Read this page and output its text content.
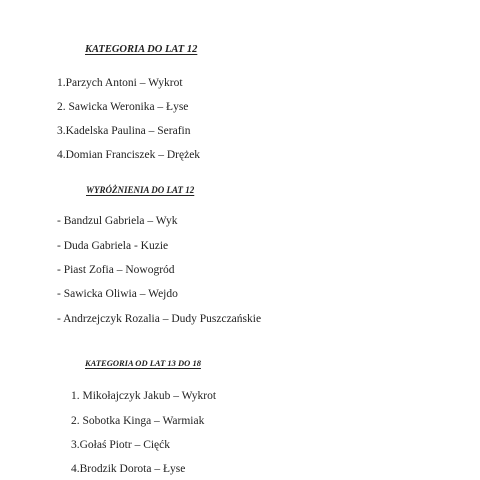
KATEGORIA DO LAT 12
1.Parzych Antoni – Wykrot
2. Sawicka Weronika – Łyse
3.Kadelska Paulina – Serafin
4.Domian Franciszek – Drężek
WYRÓŻNIENIA DO LAT 12
- Bandzul Gabriela – Wyk
- Duda Gabriela - Kuzie
- Piast Zofia – Nowogród
- Sawicka Oliwia – Wejdo
- Andrzejczyk Rozalia – Dudy Puszczańskie
KATEGORIA OD LAT 13 DO 18
1. Mikołajczyk Jakub – Wykrot
2. Sobotka Kinga – Warmiak
3.Gołaś Piotr – Cięćk
4.Brodzik Dorota – Łyse
